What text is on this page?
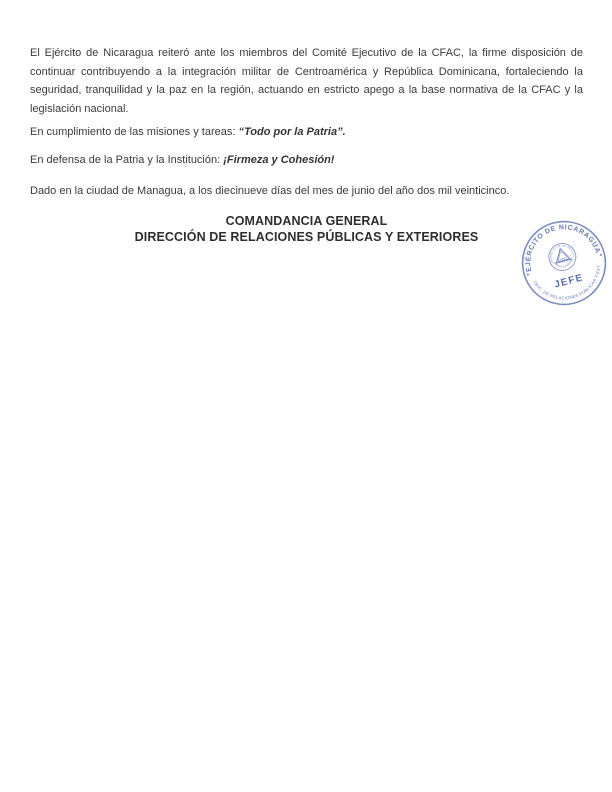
El Ejército de Nicaragua reiteró ante los miembros del Comité Ejecutivo de la CFAC, la firme disposición de continuar contribuyendo a la integración militar de Centroamérica y República Dominicana, fortaleciendo la seguridad, tranquilidad y la paz en la región, actuando en estricto apego a la base normativa de la CFAC y la legislación nacional.

En cumplimiento de las misiones y tareas: “Todo por la Patria”.

En defensa de la Patria y la Institución: ¡Firmeza y Cohesión!

Dado en la ciudad de Managua, a los diecinueve días del mes de junio del año dos mil veinticinco.

COMANDANCIA GENERAL
DIRECCIÓN DE RELACIONES PÚBLICAS Y EXTERIORES
EJÉRCITO DE NICARAGUA
OFIC. DE RELACIONES PUBLICAS Y EXT.
✦
✦
REPUBLICA DE NICARAGUA
AMERICA CENTRAL
JEFE
